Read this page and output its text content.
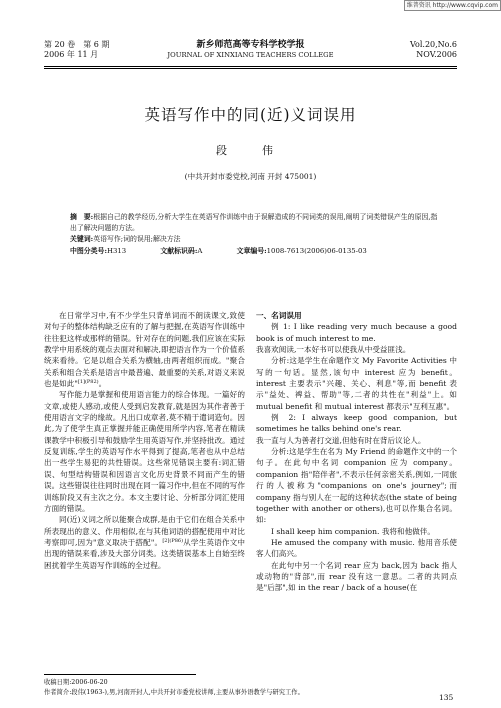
维普资讯 http://www.cqvip.com
第 20 卷　第 6 期
2006 年 11 月
新乡师范高等专科学校学报
JOURNAL OF XINXIANG TEACHERS COLLEGE
Vol.20,No.6
NOV.2006
英语写作中的同(近)义词误用
段　伟
(中共开封市委党校,河南 开封 475001)
摘　要:根据自己的教学经历,分析大学生在英语写作训练中由于误解造成的不同词类的误用,阐明了词类错误产生的原因,指出了解决问题的方法。
关键词:英语写作;词的误用;解决方法
中图分类号:H313	文献标识码:A	文章编号:1008-7613(2006)06-0135-03

在日常学习中,有不少学生只背单词而不朗读课文,致使对句子的整体结构缺乏应有的了解与把握,在英语写作训练中往往犯这样或那样的错误。针对存在的问题,我们应该在实际教学中用系统的观点去面对和解决,即把语言作为一个价值系统来看待。它是以组合关系为横轴,由两者组织而成。"聚合关系和组合关系是语言中最普遍、最重要的关系,对语义来说也是如此"$^{[1](P82)}$。

写作能力是掌握和使用语言能力的综合体现。一篇好的文章,或使人感动,或使人受到启发教育,就是因为其作者善于使用语言文字的缘故。凡出口成章者,莫不精于遣词造句。因此,为了使学生真正掌握并能正确使用所学内容,笔者在精读课教学中积极引导和鼓励学生用英语写作,并坚持批改。通过反复训练,学生的英语写作水平得到了提高,笔者也从中总结出一些学生易犯的共性错误。这些常见错误主要有:词汇错误、句型结构错误和因语言文化历史背景不同而产生的错误。这些错误往往同时出现在同一篇习作中,但在不同的写作训练阶段又有主次之分。本文主要讨论、分析部分词汇使用方面的错误。

同(近)义词之所以能聚合成群,是由于它们在组合关系中所表现出的意义、作用相似,在与其他词语的搭配使用中对比考察即可,因为"意义取决于搭配"。$^{[2](P86)}$从学生英语作文中出现的错误来看,涉及大部分词类。这类错误基本上自始至终困扰着学生英语写作训练的全过程。

一、名词误用

例 1: I like reading very much because a good book is of much interest to me.

我喜欢阅读,一本好书可以使我从中受益匪浅。

分析:这是学生在命题作文 My Favorite Activities 中写的一句话。显然,该句中 interest 应为 benefit。interest 主要表示"兴趣、关心、利息"等,而 benefit 表示"益处、裨益、帮助"等,二者的共性在"利益"上。如 mutual benefit 和 mutual interest 都表示"互利互惠"。

例 2: I always keep good companion, but sometimes he talks behind one's rear.

我一直与人为善者打交道,但他有时在背后议论人。

分析:这是学生在名为 My Friend 的命题作文中的一个句子。在此句中名词 companion 应为 company。companion 指"陪伴者",不表示任何亲密关系,例如,一同旅行的人被称为"companions on one's journey";而 company 指与别人在一起的这种状态(the state of being together with another or others),也可以作集合名词。如:

I shall keep him companion. 我将和他做伴。

He amused the company with music. 他用音乐使客人们高兴。

在此句中另一个名词 rear 应为 back,因为 back 指人或动物的"背部",而 rear 没有这一意思。二者的共同点是"后部",如 in the rear / back of a house(在

收稿日期:2006-06-20
作者简介:段伟(1963-),男,河南开封人,中共开封市委党校讲师,主要从事外语教学与研究工作。
135
